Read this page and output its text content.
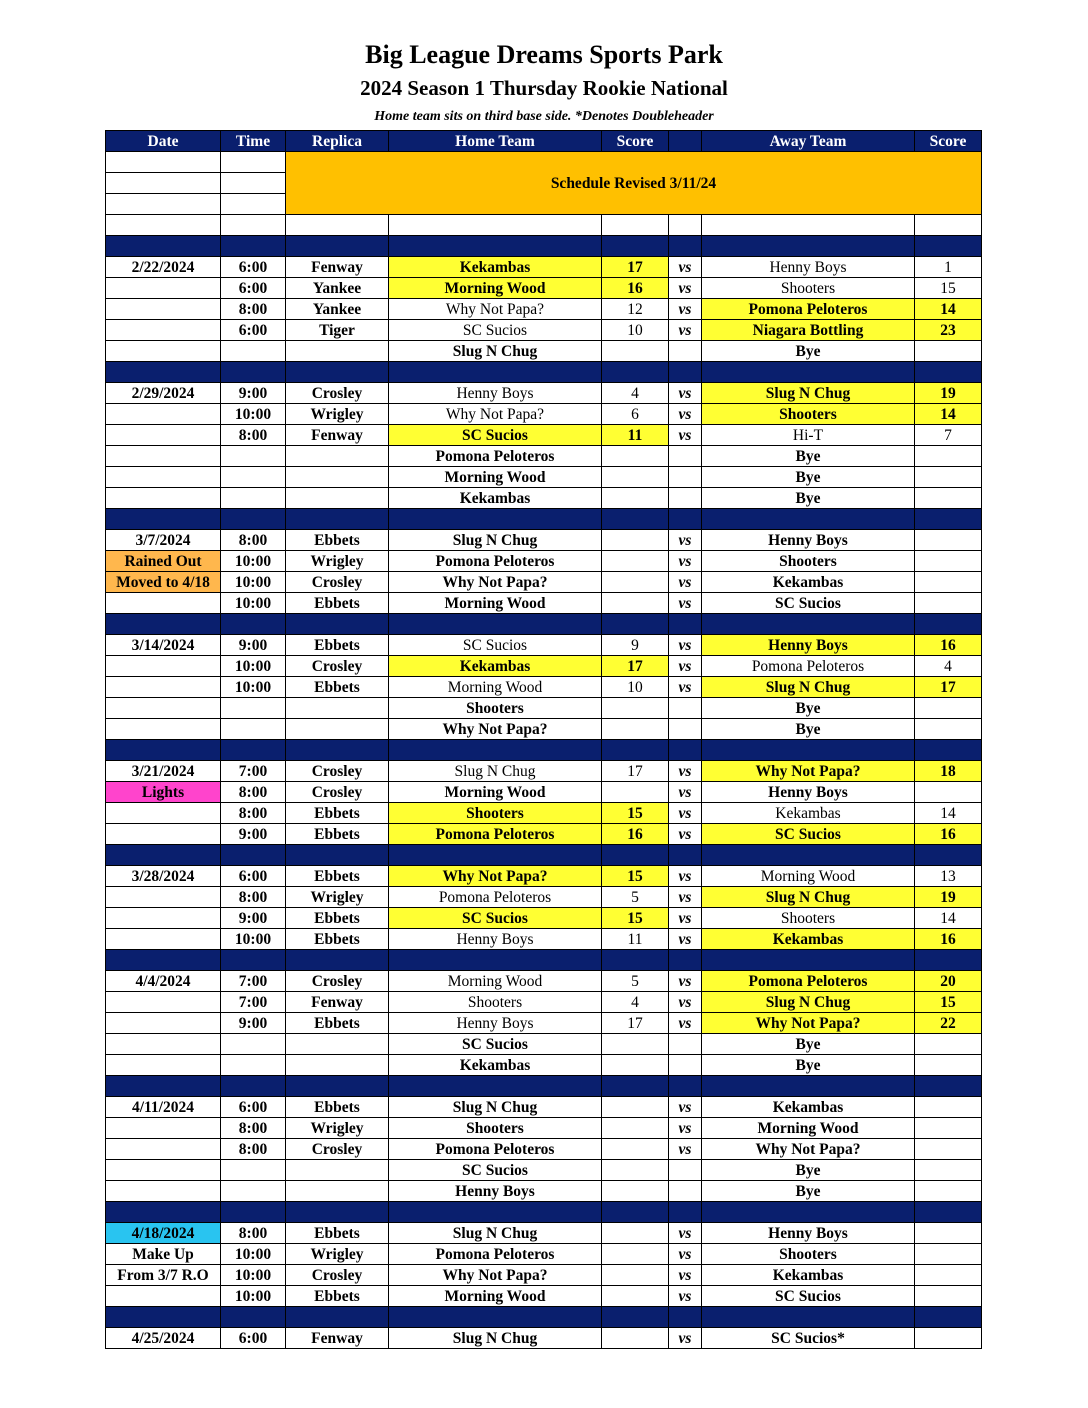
Big League Dreams Sports Park
2024 Season 1 Thursday Rookie National
Home team sits on third base side. *Denotes Doubleheader
Date	Time	Replica	Home Team	Score		Away Team	Score
		Schedule Revised 3/11/24					

2/22/2024	6:00	Fenway	Kekambas	17	vs	Henny Boys	1
	6:00	Yankee	Morning Wood	16	vs	Shooters	15
	8:00	Yankee	Why Not Papa?	12	vs	Pomona Peloteros	14
	6:00	Tiger	SC Sucios	10	vs	Niagara Bottling	23
			Slug N Chug			Bye	

2/29/2024	9:00	Crosley	Henny Boys	4	vs	Slug N Chug	19
	10:00	Wrigley	Why Not Papa?	6	vs	Shooters	14
	8:00	Fenway	SC Sucios	11	vs	Hi-T	7
			Pomona Peloteros			Bye	
			Morning Wood			Bye	
			Kekambas			Bye	

3/7/2024	8:00	Ebbets	Slug N Chug		vs	Henny Boys	
Rained Out	10:00	Wrigley	Pomona Peloteros		vs	Shooters	
Moved to 4/18	10:00	Crosley	Why Not Papa?		vs	Kekambas	
	10:00	Ebbets	Morning Wood		vs	SC Sucios	

3/14/2024	9:00	Ebbets	SC Sucios	9	vs	Henny Boys	16
	10:00	Crosley	Kekambas	17	vs	Pomona Peloteros	4
	10:00	Ebbets	Morning Wood	10	vs	Slug N Chug	17
			Shooters			Bye	
			Why Not Papa?			Bye	

3/21/2024	7:00	Crosley	Slug N Chug	17	vs	Why Not Papa?	18
Lights	8:00	Crosley	Morning Wood		vs	Henny Boys	
	8:00	Ebbets	Shooters	15	vs	Kekambas	14
	9:00	Ebbets	Pomona Peloteros	16	vs	SC Sucios	16

3/28/2024	6:00	Ebbets	Why Not Papa?	15	vs	Morning Wood	13
	8:00	Wrigley	Pomona Peloteros	5	vs	Slug N Chug	19
	9:00	Ebbets	SC Sucios	15	vs	Shooters	14
	10:00	Ebbets	Henny Boys	11	vs	Kekambas	16

4/4/2024	7:00	Crosley	Morning Wood	5	vs	Pomona Peloteros	20
	7:00	Fenway	Shooters	4	vs	Slug N Chug	15
	9:00	Ebbets	Henny Boys	17	vs	Why Not Papa?	22
			SC Sucios			Bye	
			Kekambas			Bye	

4/11/2024	6:00	Ebbets	Slug N Chug		vs	Kekambas	
	8:00	Wrigley	Shooters		vs	Morning Wood	
	8:00	Crosley	Pomona Peloteros		vs	Why Not Papa?	
			SC Sucios			Bye	
			Henny Boys			Bye	

4/18/2024	8:00	Ebbets	Slug N Chug		vs	Henny Boys	
Make Up	10:00	Wrigley	Pomona Peloteros		vs	Shooters	
From 3/7 R.O	10:00	Crosley	Why Not Papa?		vs	Kekambas	
	10:00	Ebbets	Morning Wood		vs	SC Sucios	

4/25/2024	6:00	Fenway	Slug N Chug		vs	SC Sucios*	
